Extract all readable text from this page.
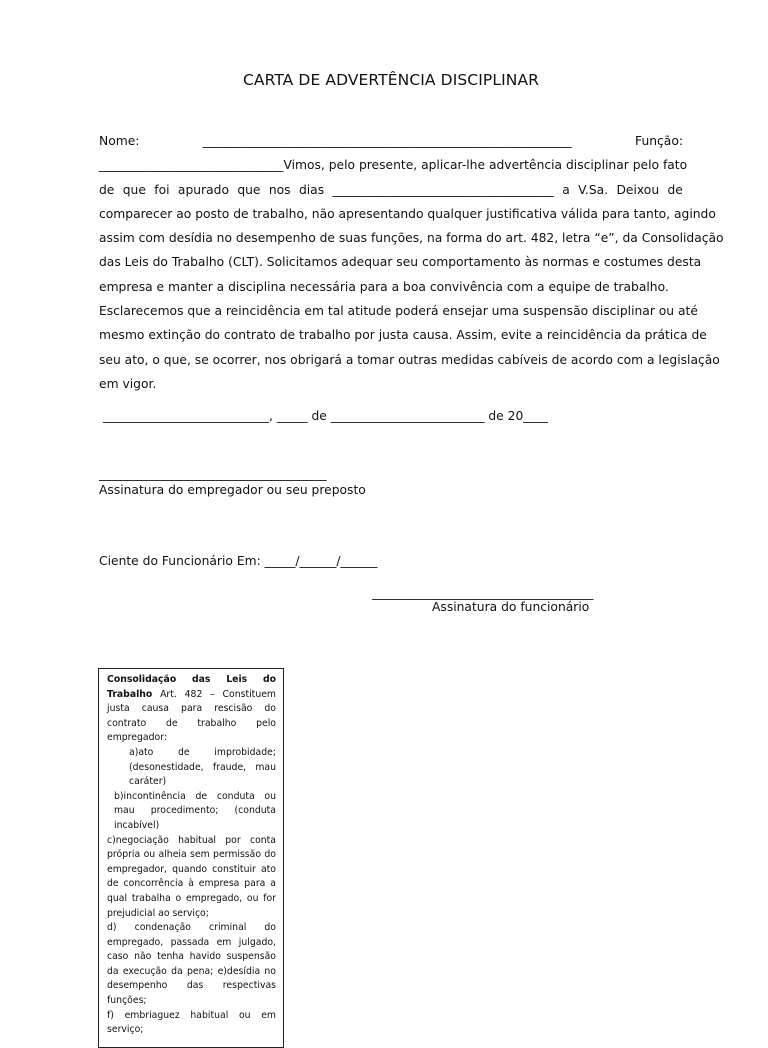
CARTA DE ADVERTÊNCIA DISCIPLINAR
Nome:	____________________________________________________________	Função:
______________________________ Vimos, pelo presente, aplicar-lhe advertência disciplinar pelo fato
de que foi apurado que nos dias ____________________________________ a V.Sa. Deixou de
comparecer ao posto de trabalho, não apresentando qualquer justificativa válida para tanto, agindo
assim com desídia no desempenho de suas funções, na forma do art. 482, letra “e”, da Consolidação
das Leis do Trabalho (CLT). Solicitamos adequar seu comportamento às normas e costumes desta
empresa e manter a disciplina necessária para a boa convivência com a equipe de trabalho.
Esclarecemos que a reincidência em tal atitude poderá ensejar uma suspensão disciplinar ou até
mesmo extinção do contrato de trabalho por justa causa. Assim, evite a reincidência da prática de
seu ato, o que, se ocorrer, nos obrigará a tomar outras medidas cabíveis de acordo com a legislação
em vigor.
___________________________, _____ de _________________________ de 20____
_____________________________________
Assinatura do empregador ou seu preposto
Ciente do Funcionário Em: _____/______/______
____________________________________
Assinatura do funcionário

Consolidação das Leis do Trabalho Art. 482 – Constituem justa causa para rescisão do contrato de trabalho pelo empregador:

a)ato de improbidade; (desonestidade, fraude, mau caráter)

b)incontinência de conduta ou mau procedimento; (conduta incabível)

c)negociação habitual por conta própria ou alheia sem permissão do empregador, quando constituir ato de concorrência à empresa para a qual trabalha o empregado, ou for prejudicial ao serviço;

d) condenação criminal do empregado, passada em julgado, caso não tenha havido suspensão da execução da pena; e)desídia no desempenho das respectivas funções;

f) embriaguez habitual ou em serviço;
